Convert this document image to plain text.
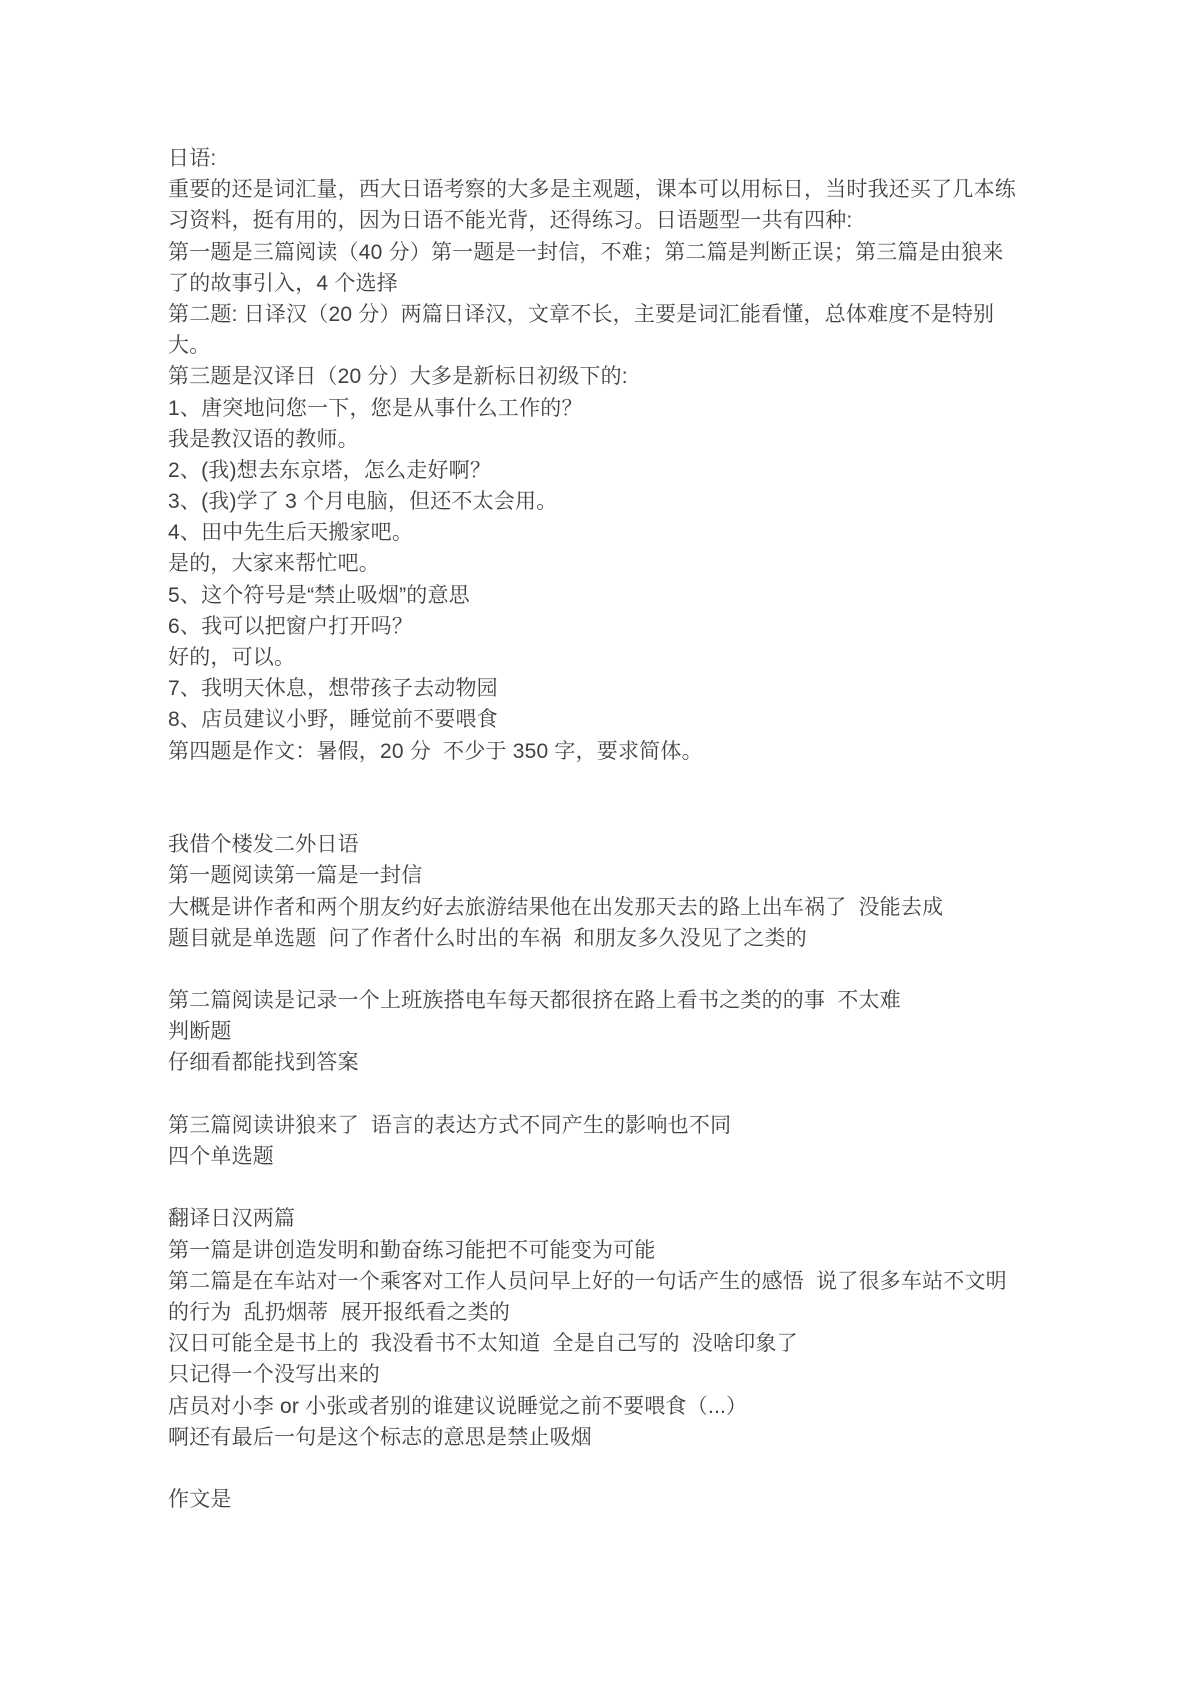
日语:
重要的还是词汇量，西大日语考察的大多是主观题，课本可以用标日，当时我还买了几本练
习资料，挺有用的，因为日语不能光背，还得练习。日语题型一共有四种:
第一题是三篇阅读（40 分）第一题是一封信，不难；第二篇是判断正误；第三篇是由狼来
了的故事引入，4 个选择
第二题: 日译汉（20 分）两篇日译汉，文章不长，主要是词汇能看懂，总体难度不是特别
大。
第三题是汉译日（20 分）大多是新标日初级下的:
1、唐突地问您一下，您是从事什么工作的？
我是教汉语的教师。
2、(我)想去东京塔，怎么走好啊？
3、(我)学了 3 个月电脑，但还不太会用。
4、田中先生后天搬家吧。
是的，大家来帮忙吧。
5、这个符号是“禁止吸烟”的意思
6、我可以把窗户打开吗？
好的，可以。
7、我明天休息，想带孩子去动物园
8、店员建议小野，睡觉前不要喂食
第四题是作文：暑假，20 分  不少于 350 字，要求简体。
我借个楼发二外日语
第一题阅读第一篇是一封信
大概是讲作者和两个朋友约好去旅游结果他在出发那天去的路上出车祸了  没能去成
题目就是单选题  问了作者什么时出的车祸  和朋友多久没见了之类的
第二篇阅读是记录一个上班族搭电车每天都很挤在路上看书之类的的事  不太难
判断题
仔细看都能找到答案
第三篇阅读讲狼来了  语言的表达方式不同产生的影响也不同
四个单选题
翻译日汉两篇
第一篇是讲创造发明和勤奋练习能把不可能变为可能
第二篇是在车站对一个乘客对工作人员问早上好的一句话产生的感悟  说了很多车站不文明
的行为  乱扔烟蒂  展开报纸看之类的
汉日可能全是书上的  我没看书不太知道  全是自己写的  没啥印象了
只记得一个没写出来的
店员对小李 or 小张或者别的谁建议说睡觉之前不要喂食（...）
啊还有最后一句是这个标志的意思是禁止吸烟
作文是
